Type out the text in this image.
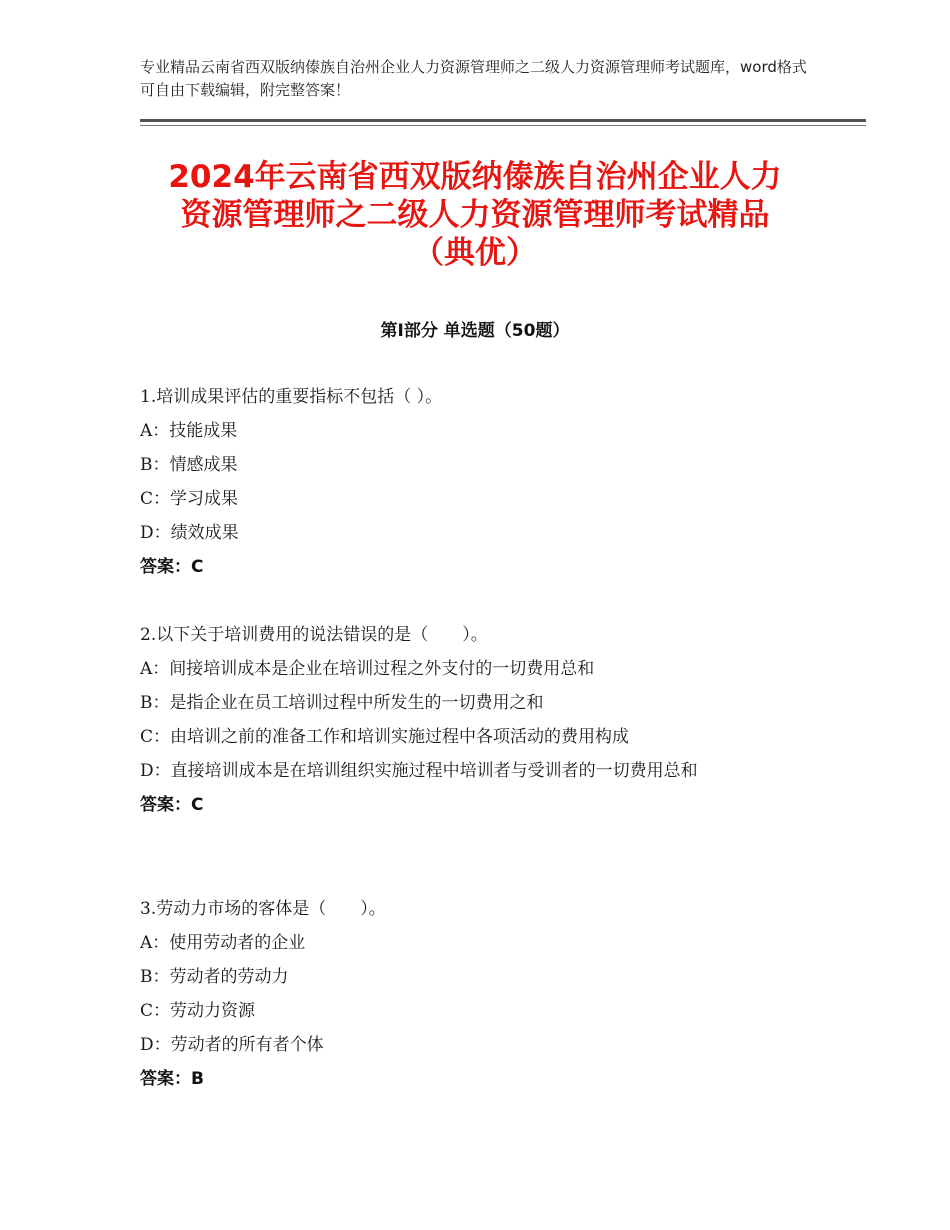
专业精品云南省西双版纳傣族自治州企业人力资源管理师之二级人力资源管理师考试题库，word格式可自由下载编辑，附完整答案！
2024年云南省西双版纳傣族自治州企业人力
资源管理师之二级人力资源管理师考试精品
（典优）
第Ⅰ部分 单选题（50题）
1.培训成果评估的重要指标不包括（ ）。
A：技能成果
B：情感成果
C：学习成果
D：绩效成果
答案：C
2.以下关于培训费用的说法错误的是（　　）。
A：间接培训成本是企业在培训过程之外支付的一切费用总和
B：是指企业在员工培训过程中所发生的一切费用之和
C：由培训之前的准备工作和培训实施过程中各项活动的费用构成
D：直接培训成本是在培训组织实施过程中培训者与受训者的一切费用总和
答案：C
3.劳动力市场的客体是（　　）。
A：使用劳动者的企业
B：劳动者的劳动力
C：劳动力资源
D：劳动者的所有者个体
答案：B
